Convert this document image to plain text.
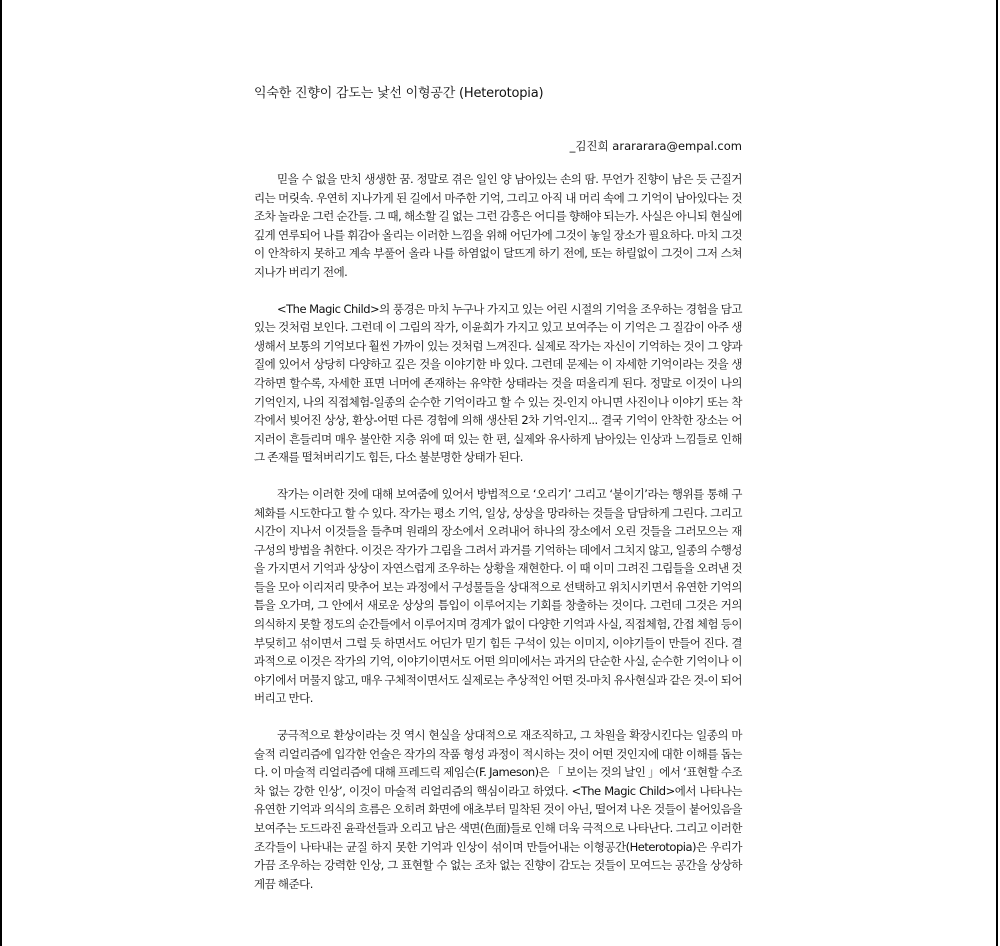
익숙한 진향이 감도는 낯선 이형공간 (Heterotopia)
_김진희 arararara@empal.com

믿을 수 없을 만치 생생한 꿈. 정말로 겪은 일인 양 남아있는 손의 땀. 무언가 진향이 남은 듯 근질거리는 머릿속. 우연히 지나가게 된 길에서 마주한 기억, 그리고 아직 내 머리 속에 그 기억이 남아있다는 것조차 놀라운 그런 순간들. 그 때, 해소할 길 없는 그런 감흥은 어디를 향해야 되는가. 사실은 아니되 현실에 깊게 연루되어 나를 휘감아 올리는 이러한 느낌을 위해 어딘가에 그것이 놓일 장소가 필요하다. 마치 그것이 안착하지 못하고 계속 부풀어 올라 나를 하염없이 달뜨게 하기 전에, 또는 하릴없이 그것이 그저 스쳐 지나가 버리기 전에.

<The Magic Child>의 풍경은 마치 누구나 가지고 있는 어린 시절의 기억을 조우하는 경험을 담고 있는 것처럼 보인다. 그런데 이 그림의 작가, 이윤희가 가지고 있고 보여주는 이 기억은 그 질감이 아주 생생해서 보통의 기억보다 훨씬 가까이 있는 것처럼 느껴진다. 실제로 작가는 자신이 기억하는 것이 그 양과 질에 있어서 상당히 다양하고 깊은 것을 이야기한 바 있다. 그런데 문제는 이 자세한 기억이라는 것을 생각하면 할수록, 자세한 표면 너머에 존재하는 유약한 상태라는 것을 떠올리게 된다. 정말로 이것이 나의 기억인지, 나의 직접체험-일종의 순수한 기억이라고 할 수 있는 것-인지 아니면 사진이나 이야기 또는 착각에서 빚어진 상상, 환상-어떤 다른 경험에 의해 생산된 2차 기억-인지... 결국 기억이 안착한 장소는 어지러이 흔들리며 매우 불안한 지층 위에 떠 있는 한 편, 실제와 유사하게 남아있는 인상과 느낌들로 인해 그 존재를 떨쳐버리기도 힘든, 다소 불분명한 상태가 된다.

작가는 이러한 것에 대해 보여줌에 있어서 방법적으로 ‘오리기’ 그리고 ‘붙이기’라는 행위를 통해 구체화를 시도한다고 할 수 있다. 작가는 평소 기억, 일상, 상상을 망라하는 것들을 담담하게 그린다. 그리고 시간이 지나서 이것들을 들추며 원래의 장소에서 오려내어 하나의 장소에서 오린 것들을 그러모으는 재구성의 방법을 취한다. 이것은 작가가 그림을 그려서 과거를 기억하는 데에서 그치지 않고, 일종의 수행성을 가지면서 기억과 상상이 자연스럽게 조우하는 상황을 재현한다. 이 때 이미 그려진 그림들을 오려낸 것들을 모아 이리저리 맞추어 보는 과정에서 구성물들을 상대적으로 선택하고 위치시키면서 유연한 기억의 틈을 오가며, 그 안에서 새로운 상상의 틈입이 이루어지는 기회를 창출하는 것이다. 그런데 그것은 거의 의식하지 못할 정도의 순간들에서 이루어지며 경계가 없이 다양한 기억과 사실, 직접체험, 간접 체험 등이 부딪히고 섞이면서 그럴 듯 하면서도 어딘가 믿기 힘든 구석이 있는 이미지, 이야기들이 만들어 진다. 결과적으로 이것은 작가의 기억, 이야기이면서도 어떤 의미에서는 과거의 단순한 사실, 순수한 기억이나 이야기에서 머물지 않고, 매우 구체적이면서도 실제로는 추상적인 어떤 것-마치 유사현실과 같은 것-이 되어버리고 만다.

궁극적으로 환상이라는 것 역시 현실을 상대적으로 재조직하고, 그 차원을 확장시킨다는 일종의 마술적 리얼리즘에 입각한 언술은 작가의 작품 형성 과정이 적시하는 것이 어떤 것인지에 대한 이해를 돕는다. 이 마술적 리얼리즘에 대해 프레드릭 제임슨(F. Jameson)은 「 보이는 것의 날인 」에서 ‘표현할 수조차 없는 강한 인상’, 이것이 마술적 리얼리즘의 핵심이라고 하였다. <The Magic Child>에서 나타나는 유연한 기억과 의식의 흐름은 오히려 화면에 애초부터 밀착된 것이 아닌, 떨어져 나온 것들이 붙어있음을 보여주는 도드라진 윤곽선들과 오리고 남은 색면(色面)들로 인해 더욱 극적으로 나타난다. 그리고 이러한 조각들이 나타내는 균질 하지 못한 기억과 인상이 섞이며 만들어내는 이형공간(Heterotopia)은 우리가 가끔 조우하는 강력한 인상, 그 표현할 수 없는 조차 없는 진향이 감도는 것들이 모여드는 공간을 상상하게끔 해준다.
